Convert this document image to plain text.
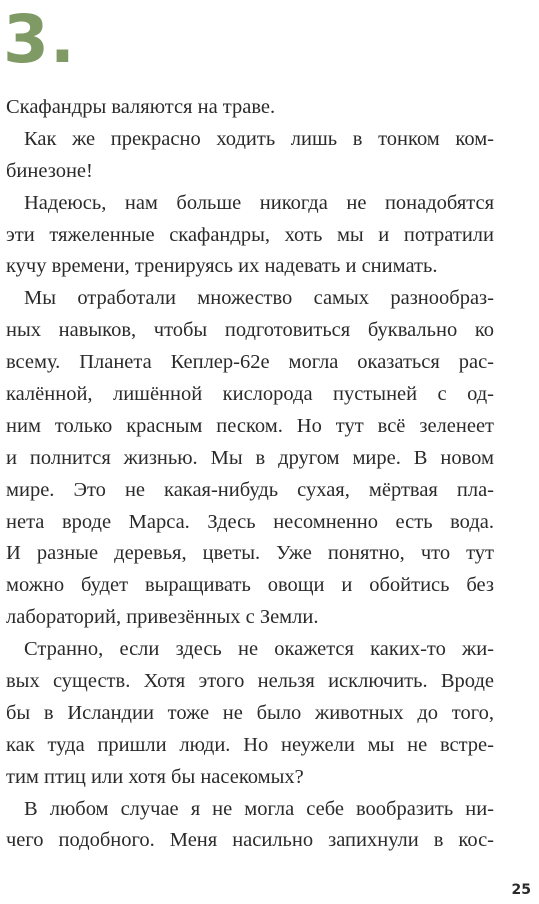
3.
Скафандры валяются на траве.
Как же прекрасно ходить лишь в тонком ком-
бинезоне!
Надеюсь, нам больше никогда не понадобятся
эти тяжеленные скафандры, хоть мы и потратили
кучу времени, тренируясь их надевать и снимать.
Мы отработали множество самых разнообраз-
ных навыков, чтобы подготовиться буквально ко
всему. Планета Кеплер-62е могла оказаться рас-
калённой, лишённой кислорода пустыней с од-
ним только красным песком. Но тут всё зеленеет
и полнится жизнью. Мы в другом мире. В новом
мире. Это не какая-нибудь сухая, мёртвая пла-
нета вроде Марса. Здесь несомненно есть вода.
И разные деревья, цветы. Уже понятно, что тут
можно будет выращивать овощи и обойтись без
лабораторий, привезённых с Земли.
Странно, если здесь не окажется каких-то жи-
вых существ. Хотя этого нельзя исключить. Вроде
бы в Исландии тоже не было животных до того,
как туда пришли люди. Но неужели мы не встре-
тим птиц или хотя бы насекомых?
В любом случае я не могла себе вообразить ни-
чего подобного. Меня насильно запихнули в кос-
25
